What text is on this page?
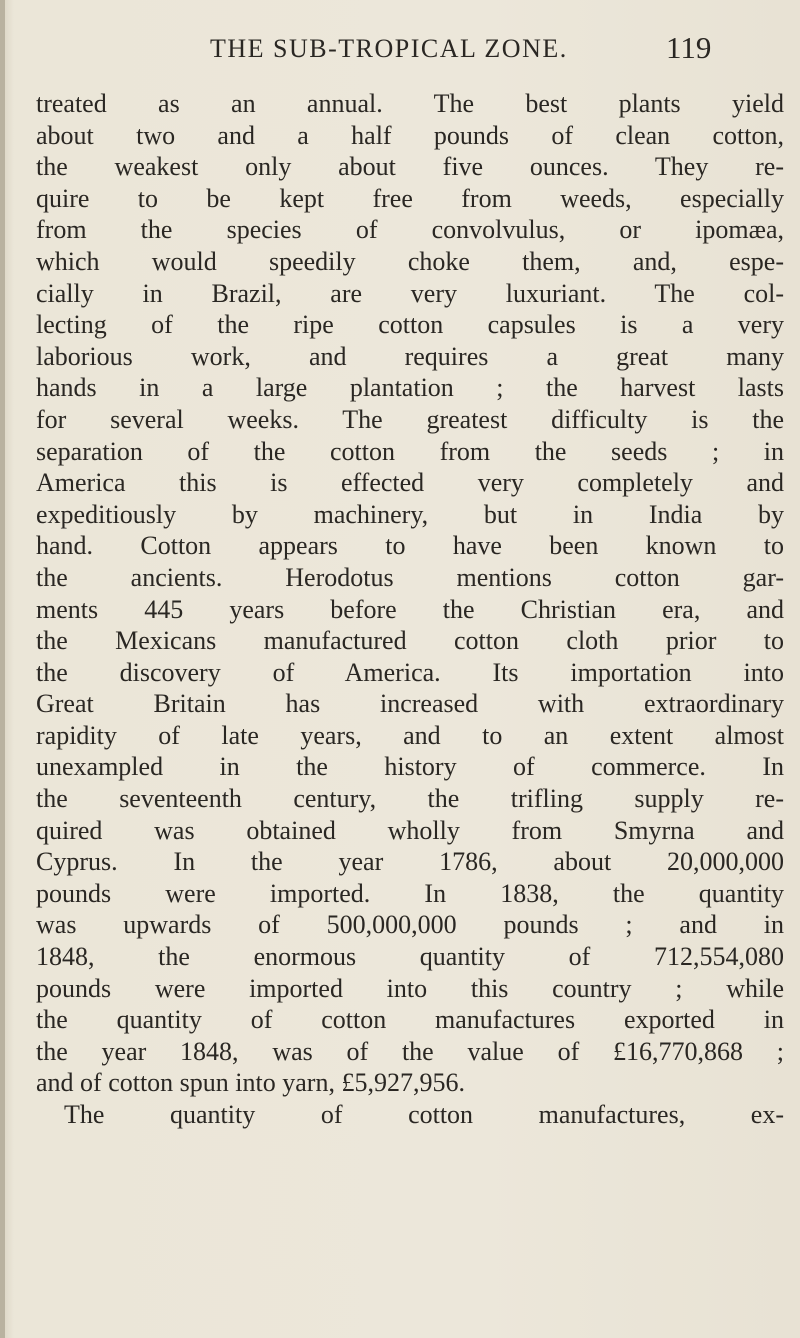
THE SUB-TROPICAL ZONE.	119
treated as an annual. The best plants yield
about two and a half pounds of clean cotton,
the weakest only about five ounces. They re-
quire to be kept free from weeds, especially
from the species of convolvulus, or ipomæa,
which would speedily choke them, and, espe-
cially in Brazil, are very luxuriant. The col-
lecting of the ripe cotton capsules is a very
laborious work, and requires a great many
hands in a large plantation ; the harvest lasts
for several weeks. The greatest difficulty is the
separation of the cotton from the seeds ; in
America this is effected very completely and
expeditiously by machinery, but in India by
hand. Cotton appears to have been known to
the ancients. Herodotus mentions cotton gar-
ments 445 years before the Christian era, and
the Mexicans manufactured cotton cloth prior to
the discovery of America. Its importation into
Great Britain has increased with extraordinary
rapidity of late years, and to an extent almost
unexampled in the history of commerce. In
the seventeenth century, the trifling supply re-
quired was obtained wholly from Smyrna and
Cyprus. In the year 1786, about 20,000,000
pounds were imported. In 1838, the quantity
was upwards of 500,000,000 pounds ; and in
1848, the enormous quantity of 712,554,080
pounds were imported into this country ; while
the quantity of cotton manufactures exported in
the year 1848, was of the value of £16,770,868 ;
and of cotton spun into yarn, £5,927,956.
The quantity of cotton manufactures, ex-
